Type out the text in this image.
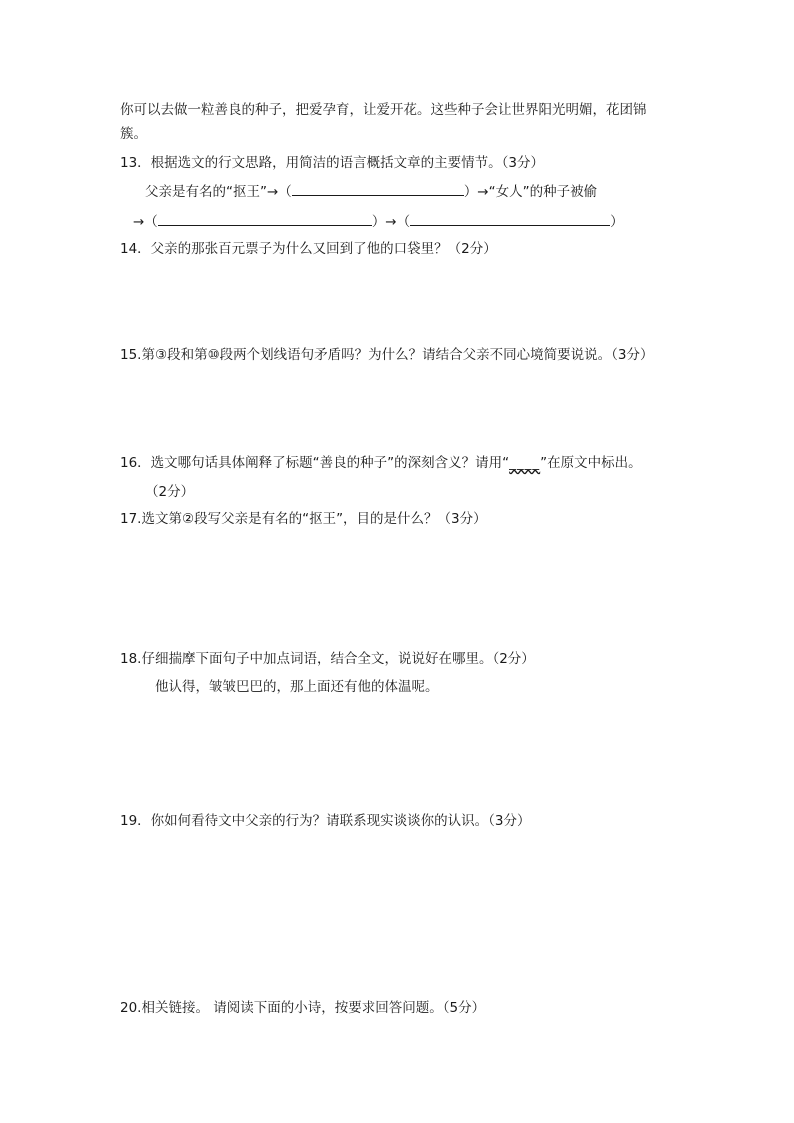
你可以去做一粒善良的种子，把爱孕育，让爱开花。这些种子会让世界阳光明媚，花团锦
簇。
13．根据选文的行文思路，用简洁的语言概括文章的主要情节。（3分）
父亲是有名的“抠王”→（	）→“女人”的种子被偷
→（	）→（	）
14．父亲的那张百元票子为什么又回到了他的口袋里？（2分）
15.第③段和第⑩段两个划线语句矛盾吗？为什么？请结合父亲不同心境简要说说。（3分）
16．选文哪句话具体阐释了标题“善良的种子”的深刻含义？请用“____”在原文中标出。
（2分）
17.选文第②段写父亲是有名的“抠王”，目的是什么？（3分）
18.仔细揣摩下面句子中加点词语，结合全文，说说好在哪里。（2分）
他认得，皱皱巴巴的，那上面还有他的体温呢。
19．你如何看待文中父亲的行为？请联系现实谈谈你的认识。（3分）
20.相关链接。 请阅读下面的小诗，按要求回答问题。（5分）
